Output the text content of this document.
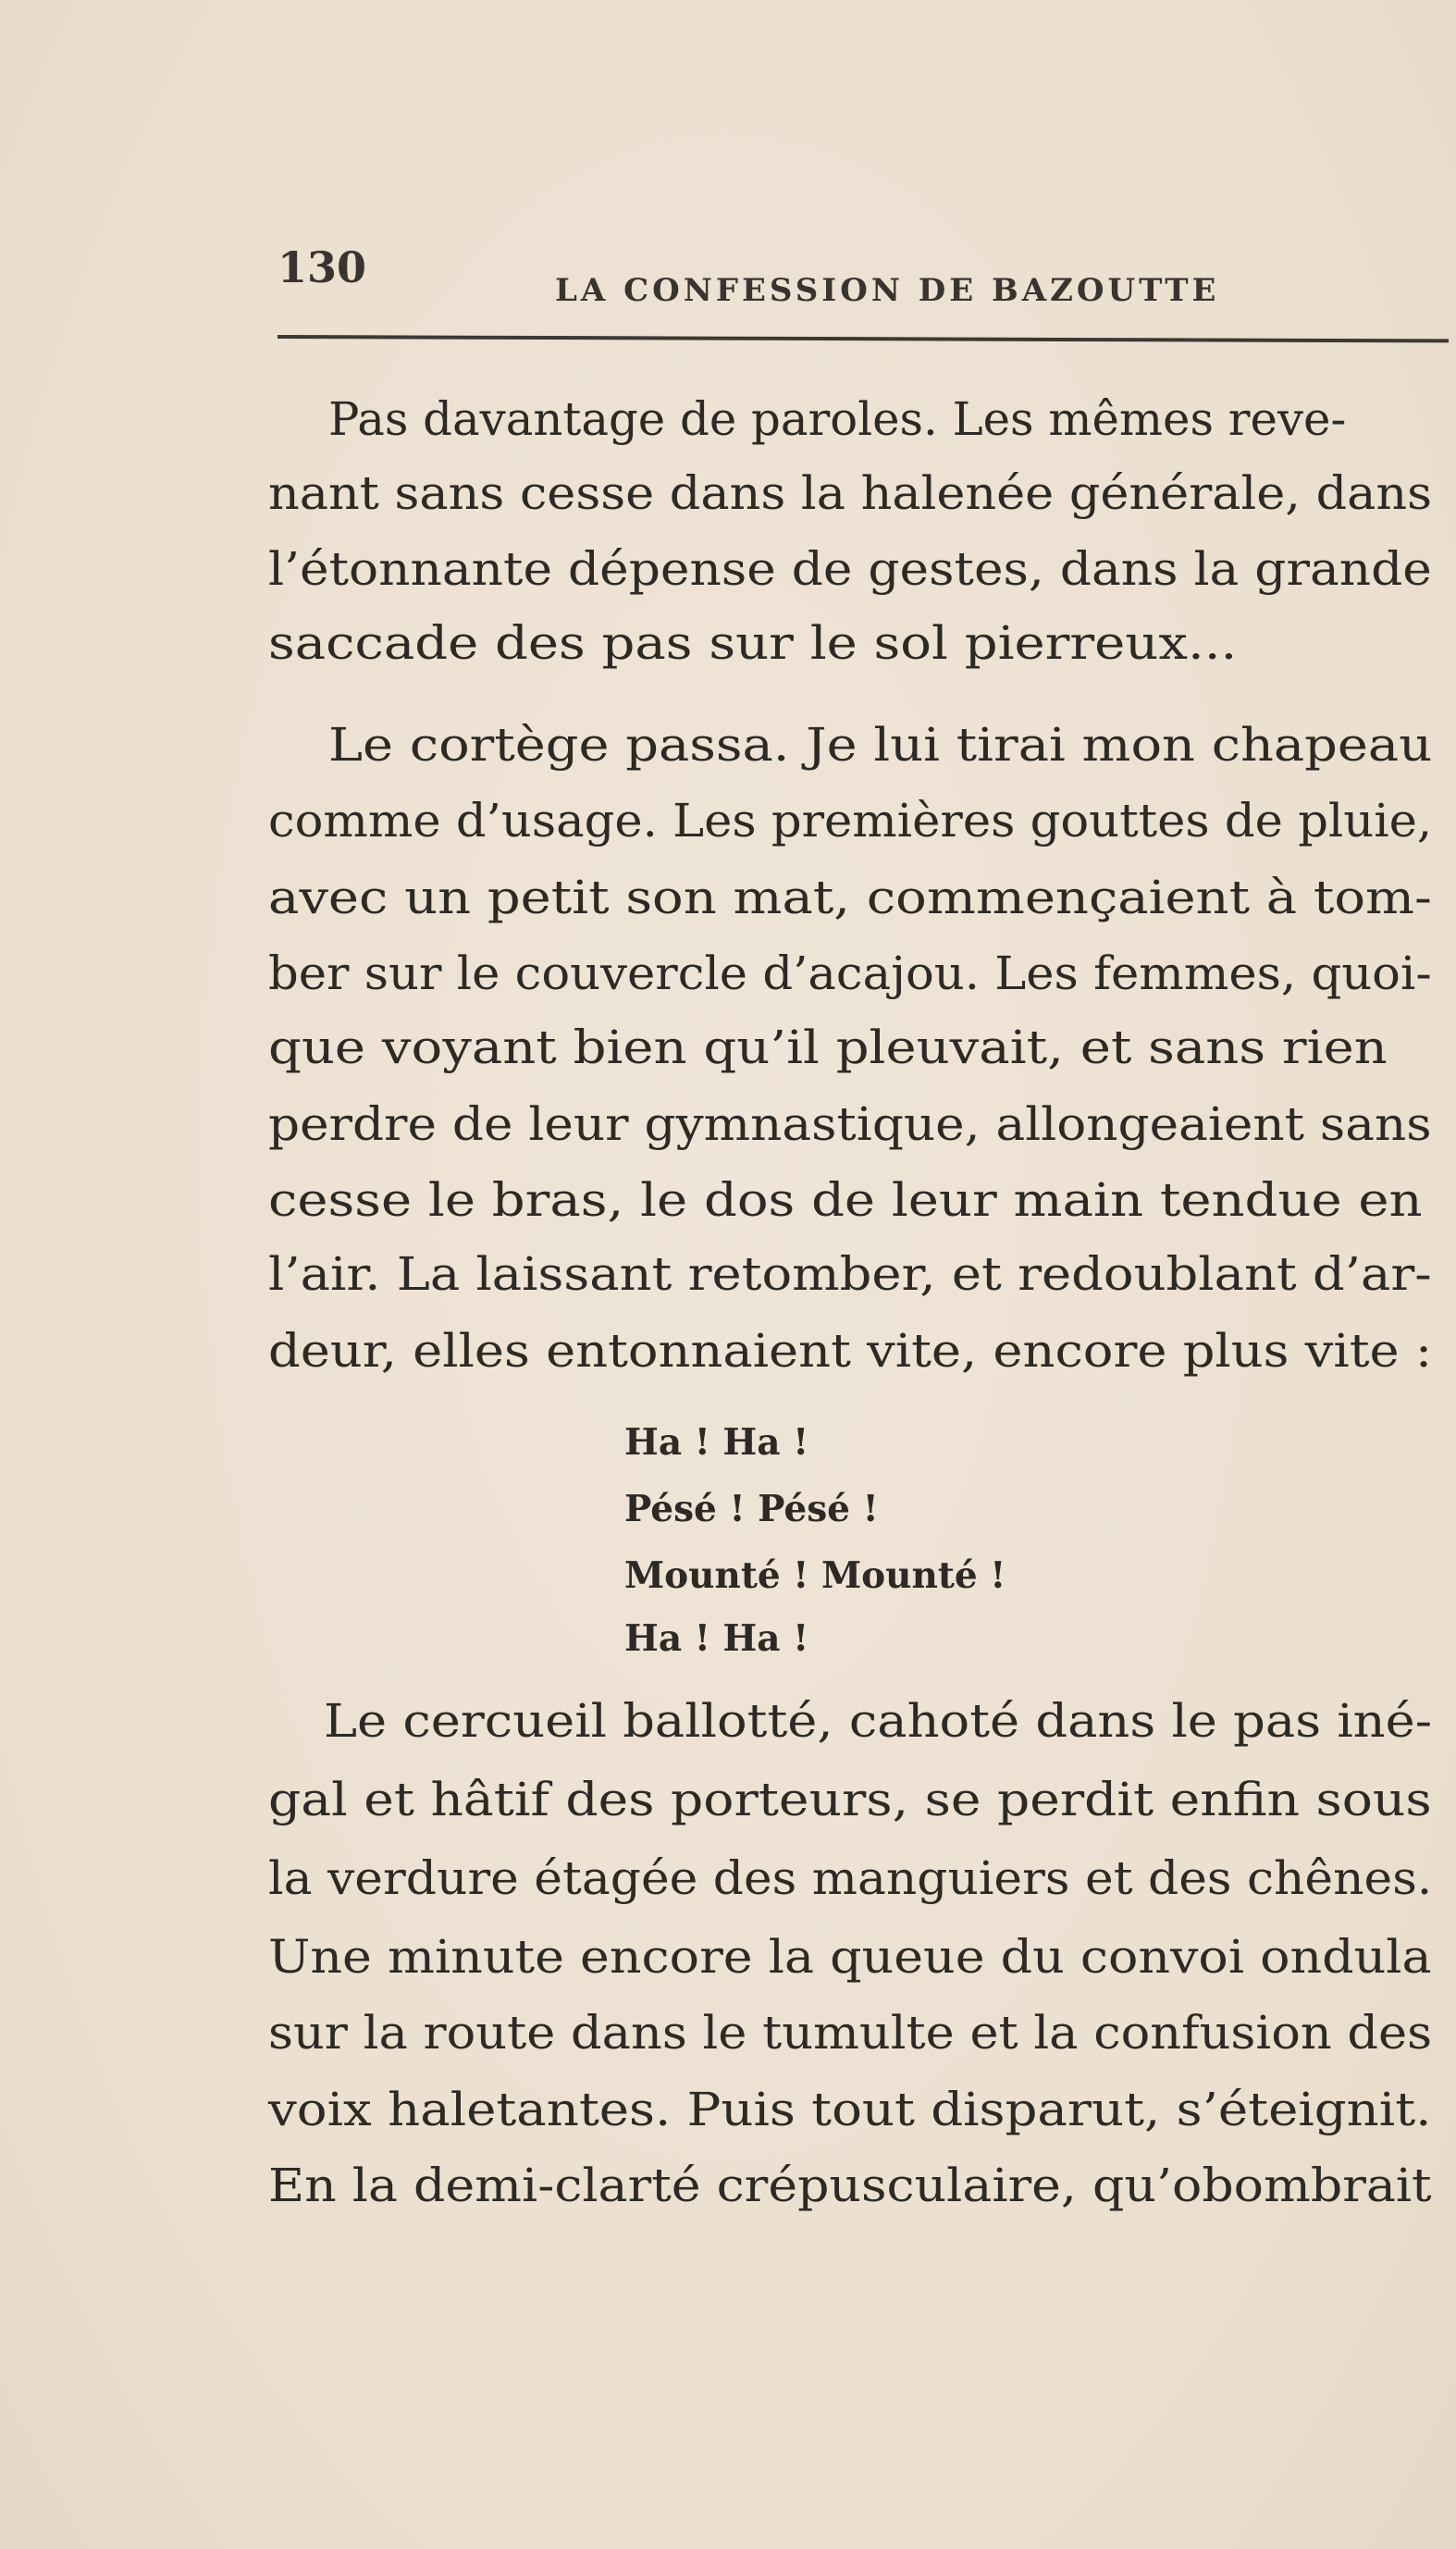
130	LA CONFESSION DE BAZOUTTE
Pas davantage de paroles. Les mêmes reve-
nant sans cesse dans la halenée générale, dans
l’étonnante dépense de gestes, dans la grande
saccade des pas sur le sol pierreux...
Le cortège passa. Je lui tirai mon chapeau
comme d’usage. Les premières gouttes de pluie,
avec un petit son mat, commençaient à tom-
ber sur le couvercle d’acajou. Les femmes, quoi-
que voyant bien qu’il pleuvait, et sans rien
perdre de leur gymnastique, allongeaient sans
cesse le bras, le dos de leur main tendue en
l’air. La laissant retomber, et redoublant d’ar-
deur, elles entonnaient vite, encore plus vite :
Ha ! Ha !
Pésé ! Pésé !
Mounté ! Mounté !
Ha ! Ha !
Le cercueil ballotté, cahoté dans le pas iné-
gal et hâtif des porteurs, se perdit enfin sous
la verdure étagée des manguiers et des chênes.
Une minute encore la queue du convoi ondula
sur la route dans le tumulte et la confusion des
voix haletantes. Puis tout disparut, s’éteignit.
En la demi-clarté crépusculaire, qu’obombrait
